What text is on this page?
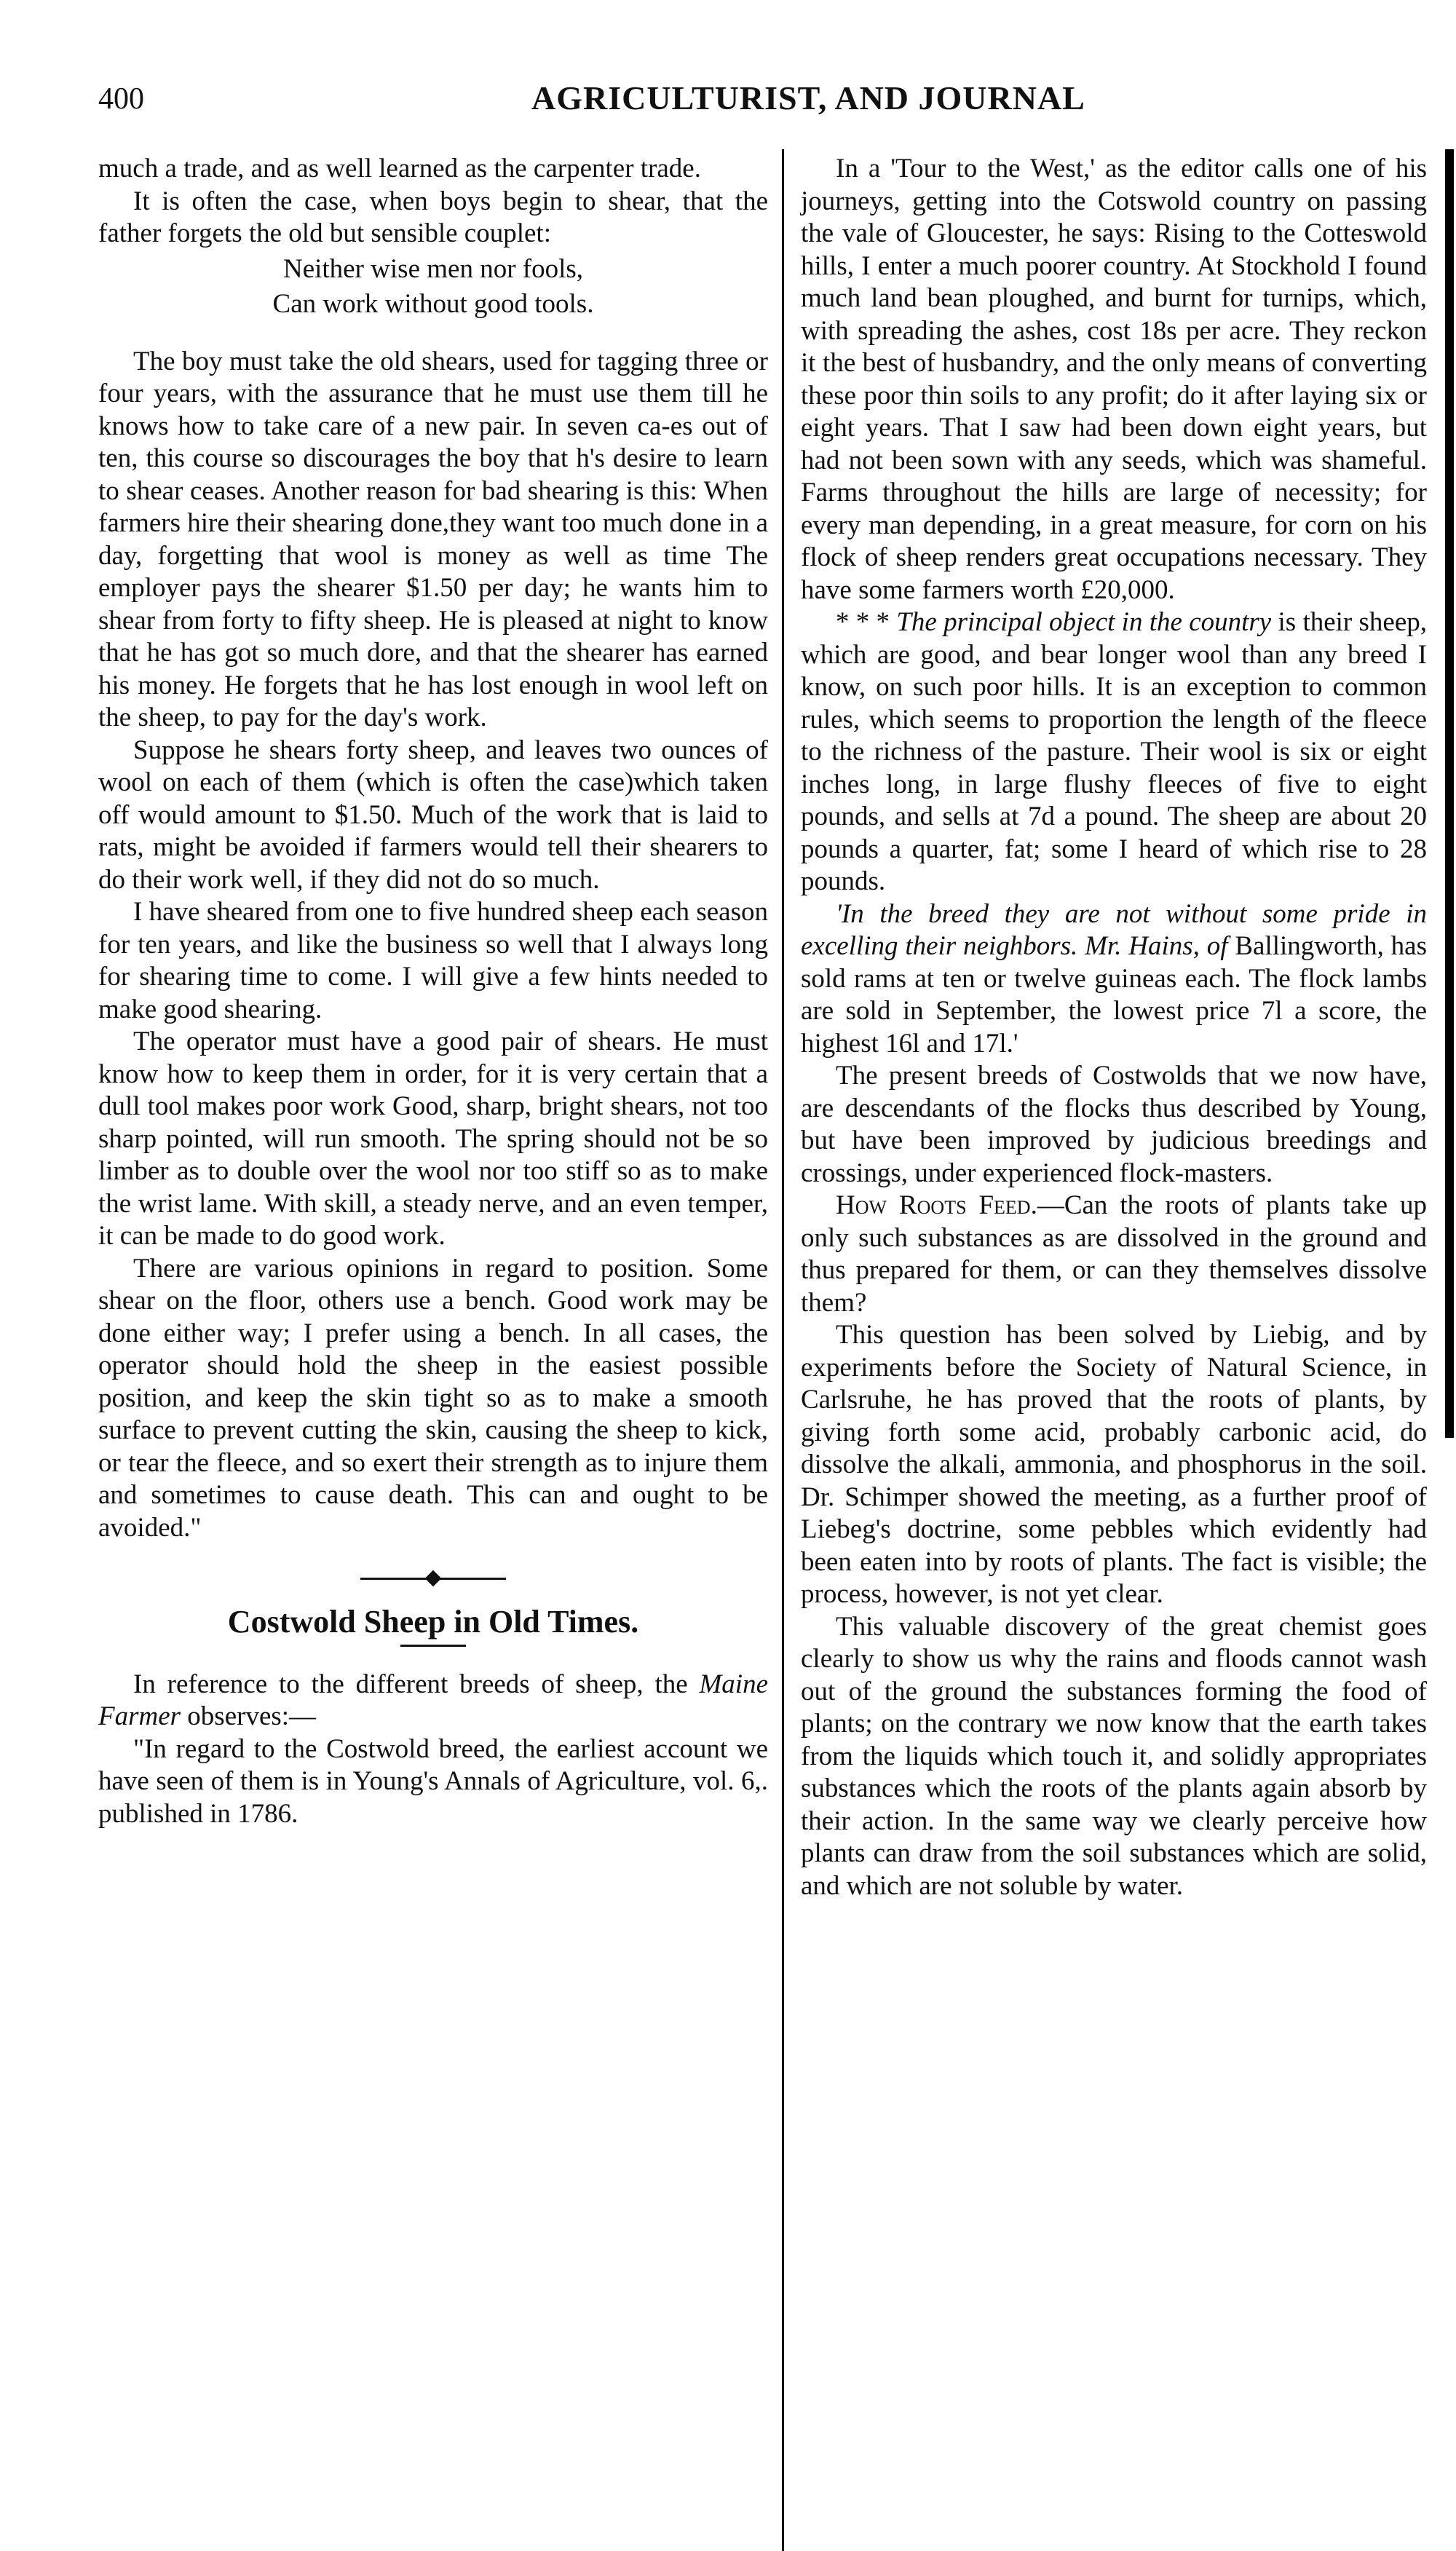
400	AGRICULTURIST, AND JOURNAL

much a trade, and as well learned as the carpenter trade.

It is often the case, when boys begin to shear, that the father forgets the old but sensible couplet:

Neither wise men nor fools,
Can work without good tools.

The boy must take the old shears, used for tagging three or four years, with the assurance that he must use them till he knows how to take care of a new pair. In seven ca-es out of ten, this course so discourages the boy that h's desire to learn to shear ceases. Another reason for bad shearing is this: When farmers hire their shearing done,they want too much done in a day, forgetting that wool is money as well as time The employer pays the shearer $1.50 per day; he wants him to shear from forty to fifty sheep. He is pleased at night to know that he has got so much dore, and that the shearer has earned his money. He forgets that he has lost enough in wool left on the sheep, to pay for the day's work.

Suppose he shears forty sheep, and leaves two ounces of wool on each of them (which is often the case)which taken off would amount to $1.50. Much of the work that is laid to rats, might be avoided if farmers would tell their shearers to do their work well, if they did not do so much.

I have sheared from one to five hundred sheep each season for ten years, and like the business so well that I always long for shearing time to come. I will give a few hints needed to make good shearing.

The operator must have a good pair of shears. He must know how to keep them in order, for it is very certain that a dull tool makes poor work Good, sharp, bright shears, not too sharp pointed, will run smooth. The spring should not be so limber as to double over the wool nor too stiff so as to make the wrist lame. With skill, a steady nerve, and an even temper, it can be made to do good work.

There are various opinions in regard to position. Some shear on the floor, others use a bench. Good work may be done either way; I prefer using a bench. In all cases, the operator should hold the sheep in the easiest possible position, and keep the skin tight so as to make a smooth surface to prevent cutting the skin, causing the sheep to kick, or tear the fleece, and so exert their strength as to injure them and sometimes to cause death. This can and ought to be avoided."

Costwold Sheep in Old Times.

In reference to the different breeds of sheep, the Maine Farmer observes:—

"In regard to the Costwold breed, the earliest account we have seen of them is in Young's Annals of Agriculture, vol. 6,. published in 1786.

In a 'Tour to the West,' as the editor calls one of his journeys, getting into the Cotswold country on passing the vale of Gloucester, he says: Rising to the Cotteswold hills, I enter a much poorer country. At Stockhold I found much land bean ploughed, and burnt for turnips, which, with spreading the ashes, cost 18s per acre. They reckon it the best of husbandry, and the only means of converting these poor thin soils to any profit; do it after laying six or eight years. That I saw had been down eight years, but had not been sown with any seeds, which was shameful. Farms throughout the hills are large of necessity; for every man depending, in a great measure, for corn on his flock of sheep renders great occupations necessary. They have some farmers worth £20,000.

* * * The principal object in the country is their sheep, which are good, and bear longer wool than any breed I know, on such poor hills. It is an exception to common rules, which seems to proportion the length of the fleece to the richness of the pasture. Their wool is six or eight inches long, in large flushy fleeces of five to eight pounds, and sells at 7d a pound. The sheep are about 20 pounds a quarter, fat; some I heard of which rise to 28 pounds.

'In the breed they are not without some pride in excelling their neighbors. Mr. Hains, of Ballingworth, has sold rams at ten or twelve guineas each. The flock lambs are sold in September, the lowest price 7l a score, the highest 16l and 17l.'

The present breeds of Costwolds that we now have, are descendants of the flocks thus described by Young, but have been improved by judicious breedings and crossings, under experienced flock-masters.

How Roots Feed.—Can the roots of plants take up only such substances as are dissolved in the ground and thus prepared for them, or can they themselves dissolve them?

This question has been solved by Liebig, and by experiments before the Society of Natural Science, in Carlsruhe, he has proved that the roots of plants, by giving forth some acid, probably carbonic acid, do dissolve the alkali, ammonia, and phosphorus in the soil. Dr. Schimper showed the meeting, as a further proof of Liebeg's doctrine, some pebbles which evidently had been eaten into by roots of plants. The fact is visible; the process, however, is not yet clear.

This valuable discovery of the great chemist goes clearly to show us why the rains and floods cannot wash out of the ground the substances forming the food of plants; on the contrary we now know that the earth takes from the liquids which touch it, and solidly appropriates substances which the roots of the plants again absorb by their action. In the same way we clearly perceive how plants can draw from the soil substances which are solid, and which are not soluble by water.
